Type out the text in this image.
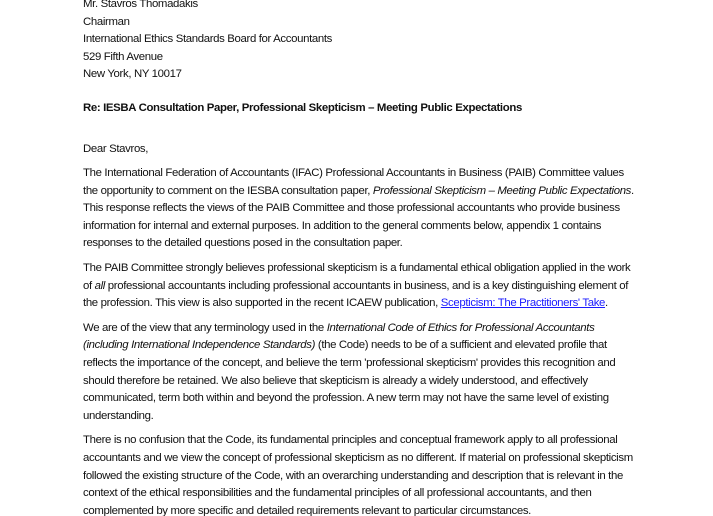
Mr. Stavros Thomadakis
Chairman
International Ethics Standards Board for Accountants
529 Fifth Avenue
New York, NY 10017
Re: IESBA Consultation Paper, Professional Skepticism – Meeting Public Expectations
Dear Stavros,

The International Federation of Accountants (IFAC) Professional Accountants in Business (PAIB) Committee values the opportunity to comment on the IESBA consultation paper, Professional Skepticism – Meeting Public Expectations. This response reflects the views of the PAIB Committee and those professional accountants who provide business information for internal and external purposes. In addition to the general comments below, appendix 1 contains responses to the detailed questions posed in the consultation paper.

The PAIB Committee strongly believes professional skepticism is a fundamental ethical obligation applied in the work of all professional accountants including professional accountants in business, and is a key distinguishing element of the profession. This view is also supported in the recent ICAEW publication, Scepticism: The Practitioners' Take.

We are of the view that any terminology used in the International Code of Ethics for Professional Accountants (including International Independence Standards) (the Code) needs to be of a sufficient and elevated profile that reflects the importance of the concept, and believe the term 'professional skepticism' provides this recognition and should therefore be retained. We also believe that skepticism is already a widely understood, and effectively communicated, term both within and beyond the profession. A new term may not have the same level of existing understanding.

There is no confusion that the Code, its fundamental principles and conceptual framework apply to all professional accountants and we view the concept of professional skepticism as no different. If material on professional skepticism followed the existing structure of the Code, with an overarching understanding and description that is relevant in the context of the ethical responsibilities and the fundamental principles of all professional accountants, and then complemented by more specific and detailed requirements relevant to particular circumstances.
